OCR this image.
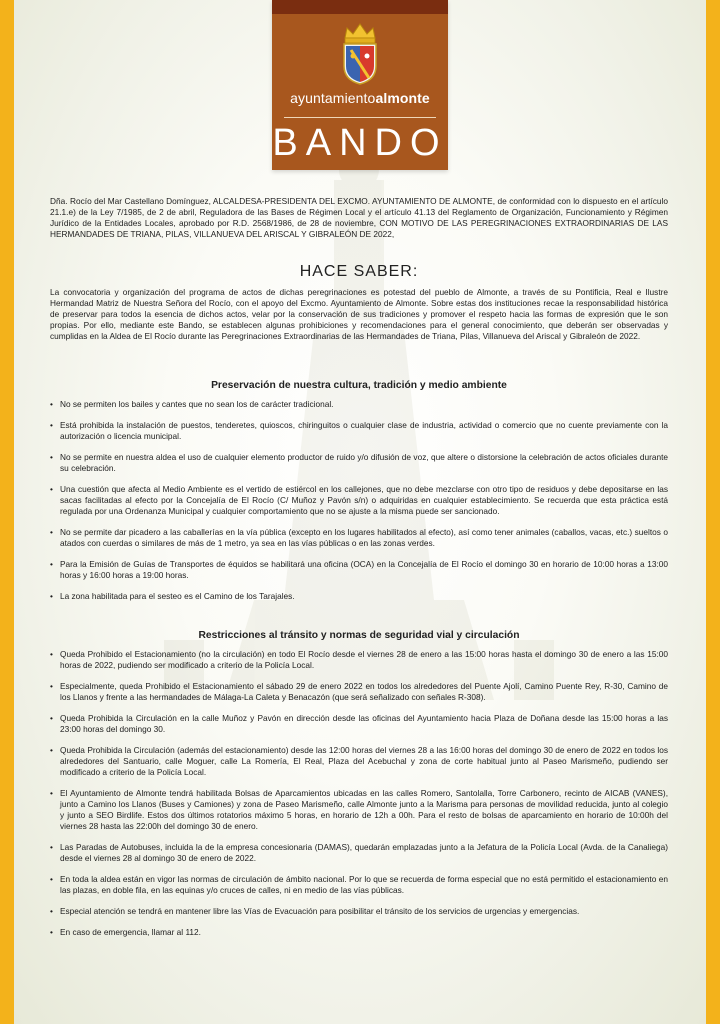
ayuntamientoalmonte
BANDO

Dña. Rocío del Mar Castellano Domínguez, ALCALDESA-PRESIDENTA DEL EXCMO. AYUNTAMIENTO DE ALMONTE, de conformidad con lo dispuesto en el artículo 21.1.e) de la Ley 7/1985, de 2 de abril, Reguladora de las Bases de Régimen Local y el artículo 41.13 del Reglamento de Organización, Funcionamiento y Régimen Jurídico de la Entidades Locales, aprobado por R.D. 2568/1986, de 28 de noviembre, CON MOTIVO DE LAS PEREGRINACIONES EXTRAORDINARIAS DE LAS HERMANDADES DE TRIANA, PILAS, VILLANUEVA DEL ARISCAL Y GIBRALEÓN DE 2022,

HACE SABER:

La convocatoria y organización del programa de actos de dichas peregrinaciones es potestad del pueblo de Almonte, a través de su Pontificia, Real e Ilustre Hermandad Matriz de Nuestra Señora del Rocío, con el apoyo del Excmo. Ayuntamiento de Almonte. Sobre estas dos instituciones recae la responsabilidad histórica de preservar para todos la esencia de dichos actos, velar por la conservación de sus tradiciones y promover el respeto hacia las formas de expresión que le son propias. Por ello, mediante este Bando, se establecen algunas prohibiciones y recomendaciones para el general conocimiento, que deberán ser observadas y cumplidas en la Aldea de El Rocío durante las Peregrinaciones Extraordinarias de las Hermandades de Triana, Pilas, Villanueva del Ariscal y Gibraleón de 2022.

Preservación de nuestra cultura, tradición y medio ambiente
• No se permiten los bailes y cantes que no sean los de carácter tradicional.
• Está prohibida la instalación de puestos, tenderetes, quioscos, chiringuitos o cualquier clase de industria, actividad o comercio que no cuente previamente con la autorización o licencia municipal.
• No se permite en nuestra aldea el uso de cualquier elemento productor de ruido y/o difusión de voz, que altere o distorsione la celebración de actos oficiales durante su celebración.
• Una cuestión que afecta al Medio Ambiente es el vertido de estiércol en los callejones, que no debe mezclarse con otro tipo de residuos y debe depositarse en las sacas facilitadas al efecto por la Concejalía de El Rocío (C/ Muñoz y Pavón s/n) o adquiridas en cualquier establecimiento. Se recuerda que esta práctica está regulada por una Ordenanza Municipal y cualquier comportamiento que no se ajuste a la misma puede ser sancionado.
• No se permite dar picadero a las caballerías en la vía pública (excepto en los lugares habilitados al efecto), así como tener animales (caballos, vacas, etc.) sueltos o atados con cuerdas o similares de más de 1 metro, ya sea en las vías públicas o en las zonas verdes.
• Para la Emisión de Guías de Transportes de équidos se habilitará una oficina (OCA) en la Concejalía de El Rocío el domingo 30 en horario de 10:00 horas a 13:00 horas y 16:00 horas a 19:00 horas.
• La zona habilitada para el sesteo es el Camino de los Tarajales.
Restricciones al tránsito y normas de seguridad vial y circulación
• Queda Prohibido el Estacionamiento (no la circulación) en todo El Rocío desde el viernes 28 de enero a las 15:00 horas hasta el domingo 30 de enero a las 15:00 horas de 2022, pudiendo ser modificado a criterio de la Policía Local.
• Especialmente, queda Prohibido el Estacionamiento el sábado 29 de enero 2022 en todos los alrededores del Puente Ajolí, Camino Puente Rey, R-30, Camino de los Llanos y frente a las hermandades de Málaga-La Caleta y Benacazón (que será señalizado con señales R-308).
• Queda Prohibida la Circulación en la calle Muñoz y Pavón en dirección desde las oficinas del Ayuntamiento hacia Plaza de Doñana desde las 15:00 horas a las 23:00 horas del domingo 30.
• Queda Prohibida la Circulación (además del estacionamiento) desde las 12:00 horas del viernes 28 a las 16:00 horas del domingo 30 de enero de 2022 en todos los alrededores del Santuario, calle Moguer, calle La Romería, El Real, Plaza del Acebuchal y zona de corte habitual junto al Paseo Marismeño, pudiendo ser modificado a criterio de la Policía Local.
• El Ayuntamiento de Almonte tendrá habilitada Bolsas de Aparcamientos ubicadas en las calles Romero, Santolalla, Torre Carbonero, recinto de AICAB (VANES), junto a Camino los Llanos (Buses y Camiones) y zona de Paseo Marismeño, calle Almonte junto a la Marisma para personas de movilidad reducida, junto al colegio y junto a SEO Birdlife. Estos dos últimos rotatorios máximo 5 horas, en horario de 12h a 00h. Para el resto de bolsas de aparcamiento en horario de 10:00h del viernes 28 hasta las 22:00h del domingo 30 de enero.
• Las Paradas de Autobuses, incluida la de la empresa concesionaria (DAMAS), quedarán emplazadas junto a la Jefatura de la Policía Local (Avda. de la Canaliega) desde el viernes 28 al domingo 30 de enero de 2022.
• En toda la aldea están en vigor las normas de circulación de ámbito nacional. Por lo que se recuerda de forma especial que no está permitido el estacionamiento en las plazas, en doble fila, en las equinas y/o cruces de calles, ni en medio de las vías públicas.
• Especial atención se tendrá en mantener libre las Vías de Evacuación para posibilitar el tránsito de los servicios de urgencias y emergencias.
• En caso de emergencia, llamar al 112.
